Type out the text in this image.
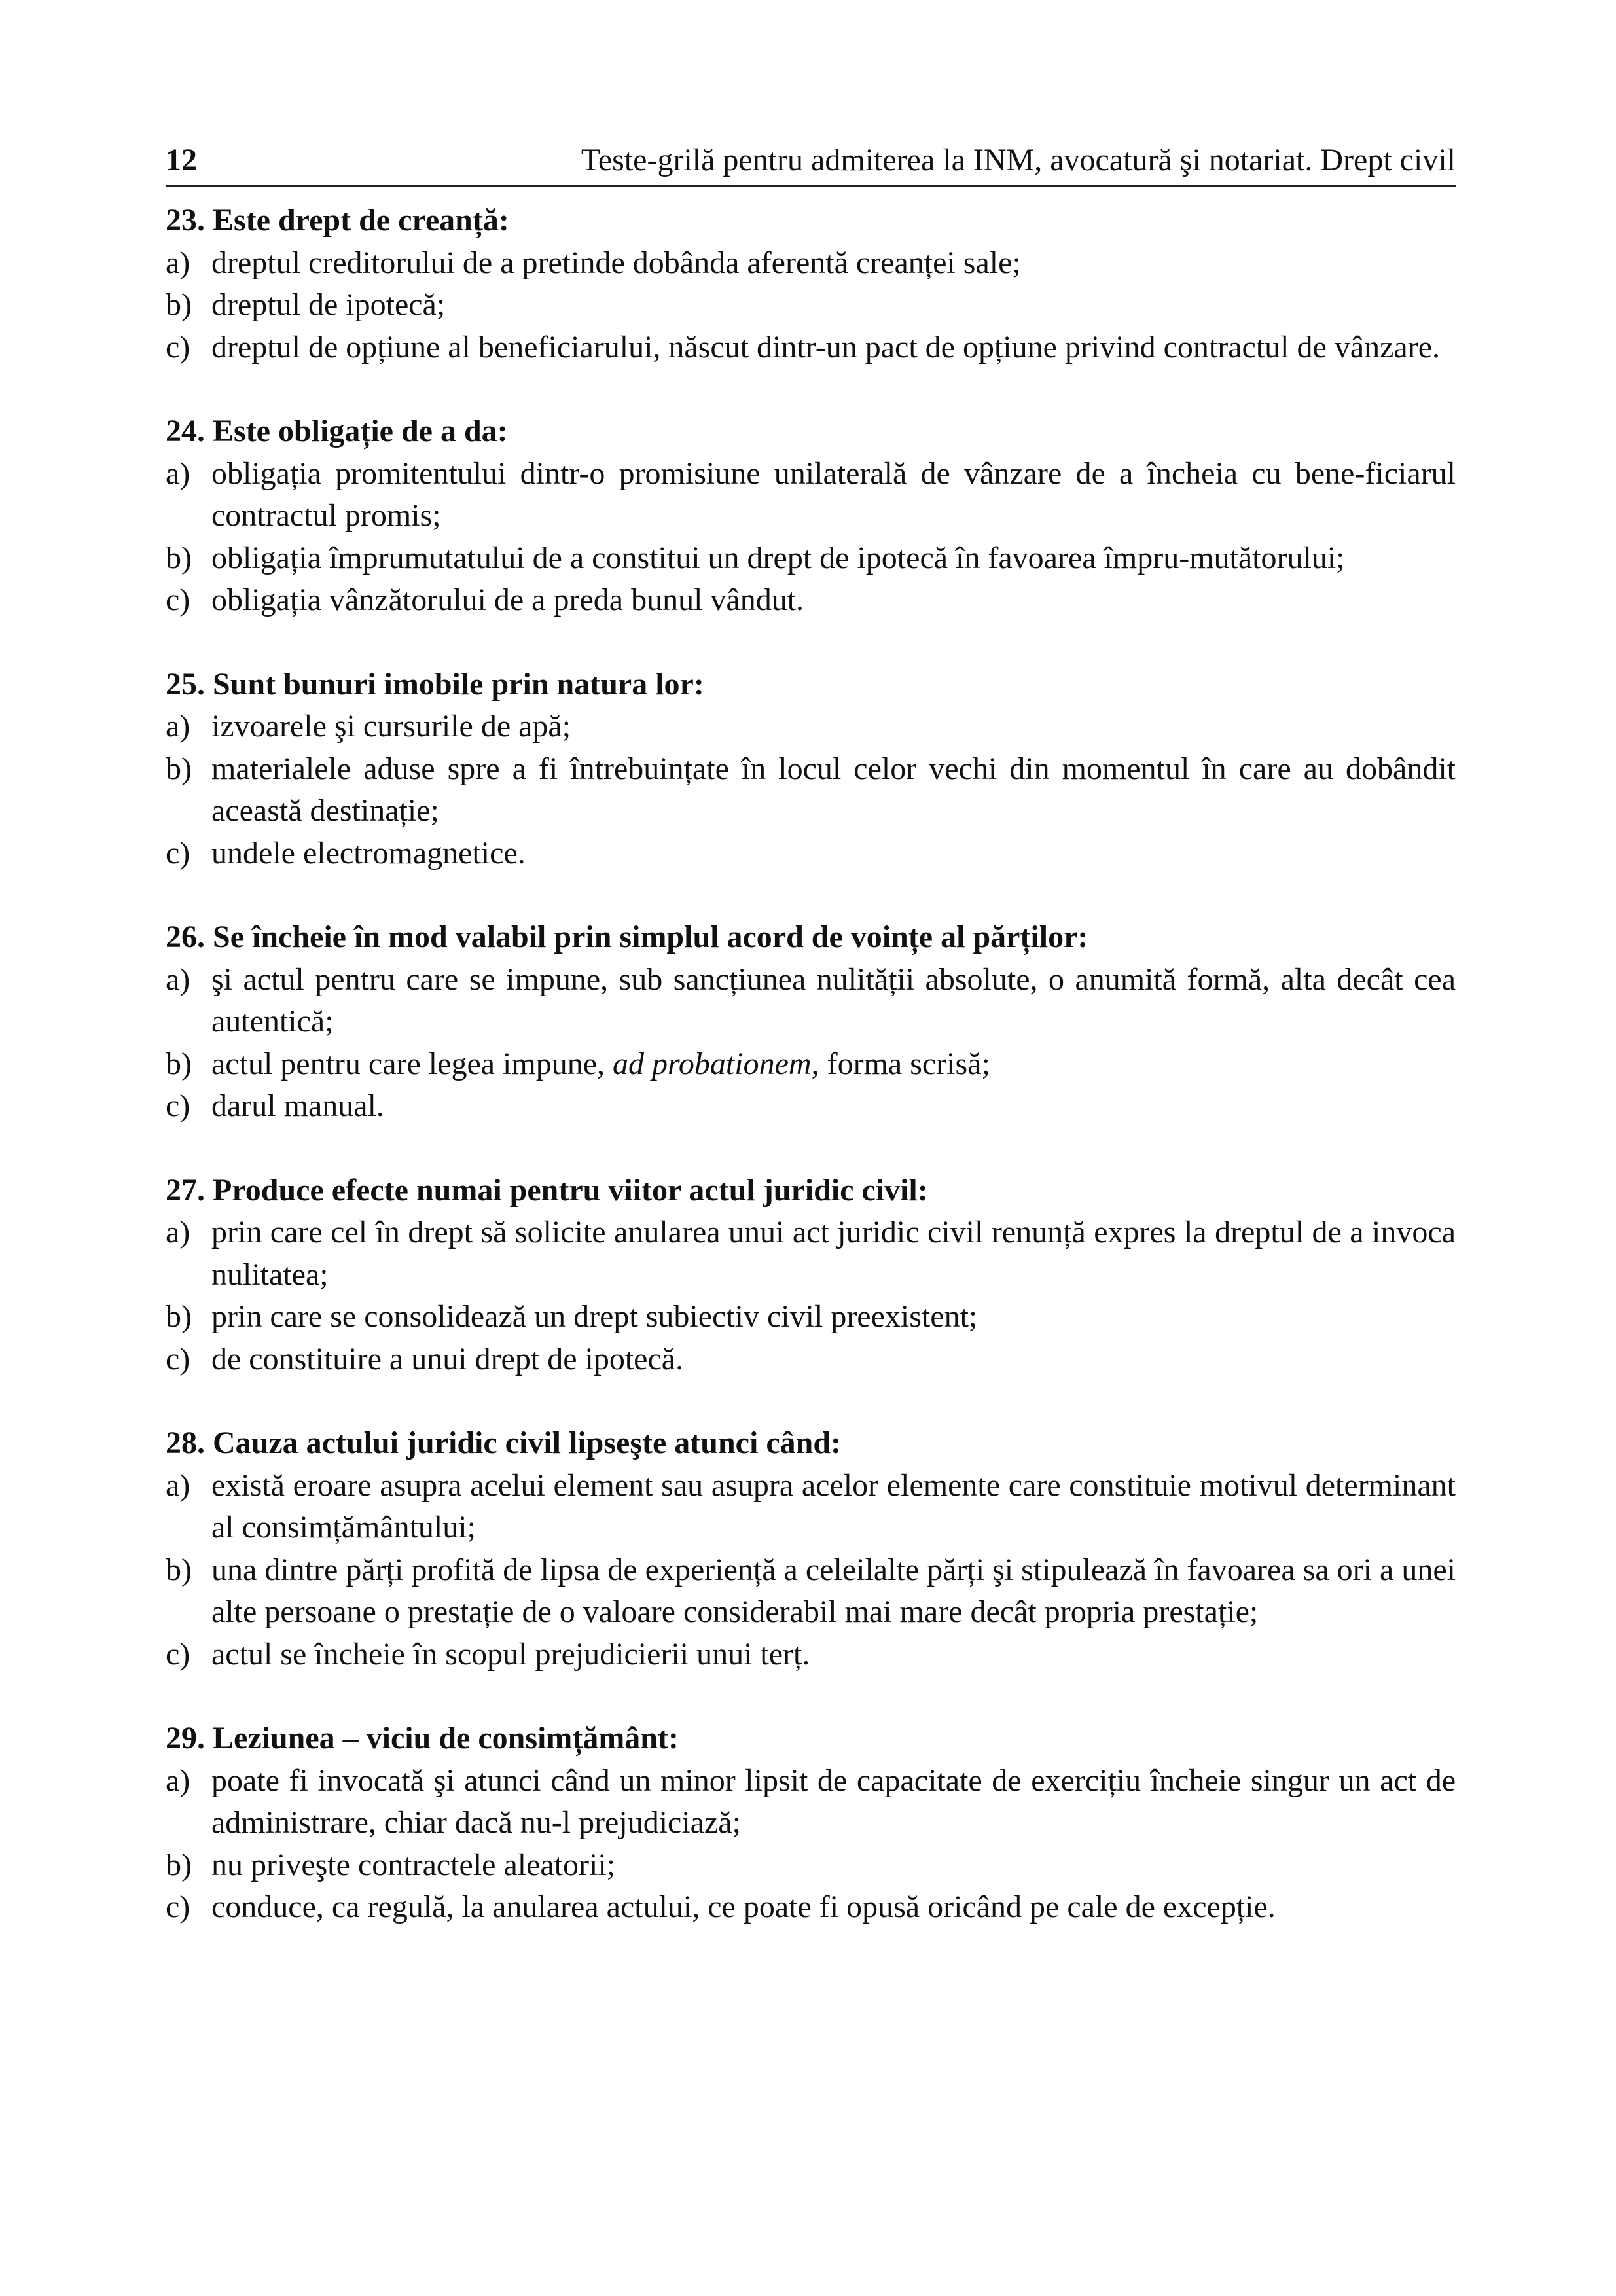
12	Teste-grilă pentru admiterea la INM, avocatură şi notariat. Drept civil
23. Este drept de creanță:
a) dreptul creditorului de a pretinde dobânda aferentă creanței sale;
b) dreptul de ipotecă;
c) dreptul de opțiune al beneficiarului, născut dintr-un pact de opțiune privind contractul de vânzare.
24. Este obligație de a da:
a) obligația promitentului dintr-o promisiune unilaterală de vânzare de a încheia cu bene-ficiarul contractul promis;
b) obligația împrumutatului de a constitui un drept de ipotecă în favoarea împru-mutătorului;
c) obligația vânzătorului de a preda bunul vândut.
25. Sunt bunuri imobile prin natura lor:
a) izvoarele şi cursurile de apă;
b) materialele aduse spre a fi întrebuințate în locul celor vechi din momentul în care au dobândit această destinație;
c) undele electromagnetice.
26. Se încheie în mod valabil prin simplul acord de voințe al părților:
a) şi actul pentru care se impune, sub sancțiunea nulității absolute, o anumită formă, alta decât cea autentică;
b) actul pentru care legea impune, ad probationem, forma scrisă;
c) darul manual.
27. Produce efecte numai pentru viitor actul juridic civil:
a) prin care cel în drept să solicite anularea unui act juridic civil renunță expres la dreptul de a invoca nulitatea;
b) prin care se consolidează un drept subiectiv civil preexistent;
c) de constituire a unui drept de ipotecă.
28. Cauza actului juridic civil lipseşte atunci când:
a) există eroare asupra acelui element sau asupra acelor elemente care constituie motivul determinant al consimțământului;
b) una dintre părți profită de lipsa de experiență a celeilalte părți şi stipulează în favoarea sa ori a unei alte persoane o prestație de o valoare considerabil mai mare decât propria prestație;
c) actul se încheie în scopul prejudicierii unui terț.
29. Leziunea – viciu de consimțământ:
a) poate fi invocată şi atunci când un minor lipsit de capacitate de exercițiu încheie singur un act de administrare, chiar dacă nu-l prejudiciază;
b) nu priveşte contractele aleatorii;
c) conduce, ca regulă, la anularea actului, ce poate fi opusă oricând pe cale de excepție.
